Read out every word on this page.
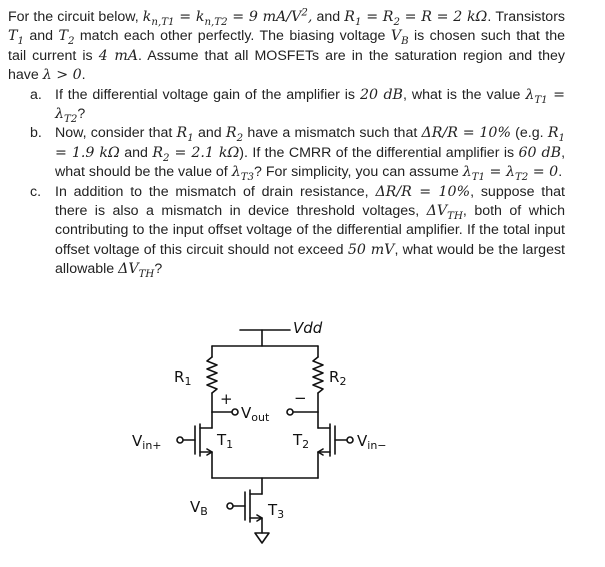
For the circuit below, $k_{n,T1} = k_{n,T2} = 9$ $mA/V^2$, and $R_1 = R_2 = R = 2$ kΩ. Transistors $T_1$ and $T_2$ match each other perfectly. The biasing voltage $V_B$ is chosen such that the tail current is 4 mA. Assume that all MOSFETs are in the saturation region and they have λ > 0.
a. If the differential voltage gain of the amplifier is 20 dB, what is the value $\lambda_{T1} = \lambda_{T2}$?
b. Now, consider that $R_1$ and $R_2$ have a mismatch such that ΔR/R = 10% (e.g. $R_1 = 1.9$ kΩ and $R_2 = 2.1$ kΩ). If the CMRR of the differential amplifier is 60 dB, what should be the value of $\lambda_{T3}$? For simplicity, you can assume $\lambda_{T1} = \lambda_{T2} = 0$.
c. In addition to the mismatch of drain resistance, ΔR/R = 10%, suppose that there is also a mismatch in device threshold voltages, $\Delta V_{TH}$, both of which contributing to the input offset voltage of the differential amplifier. If the total input offset voltage of this circuit should not exceed 50 mV, what would be the largest allowable $\Delta V_{TH}$?
Vdd
$R_1$	$R_2$
+	−
$V_{out}$
$T_1$	$T_2$
$V_{in+}$	$V_{in-}$
$V_B$	$T_3$
